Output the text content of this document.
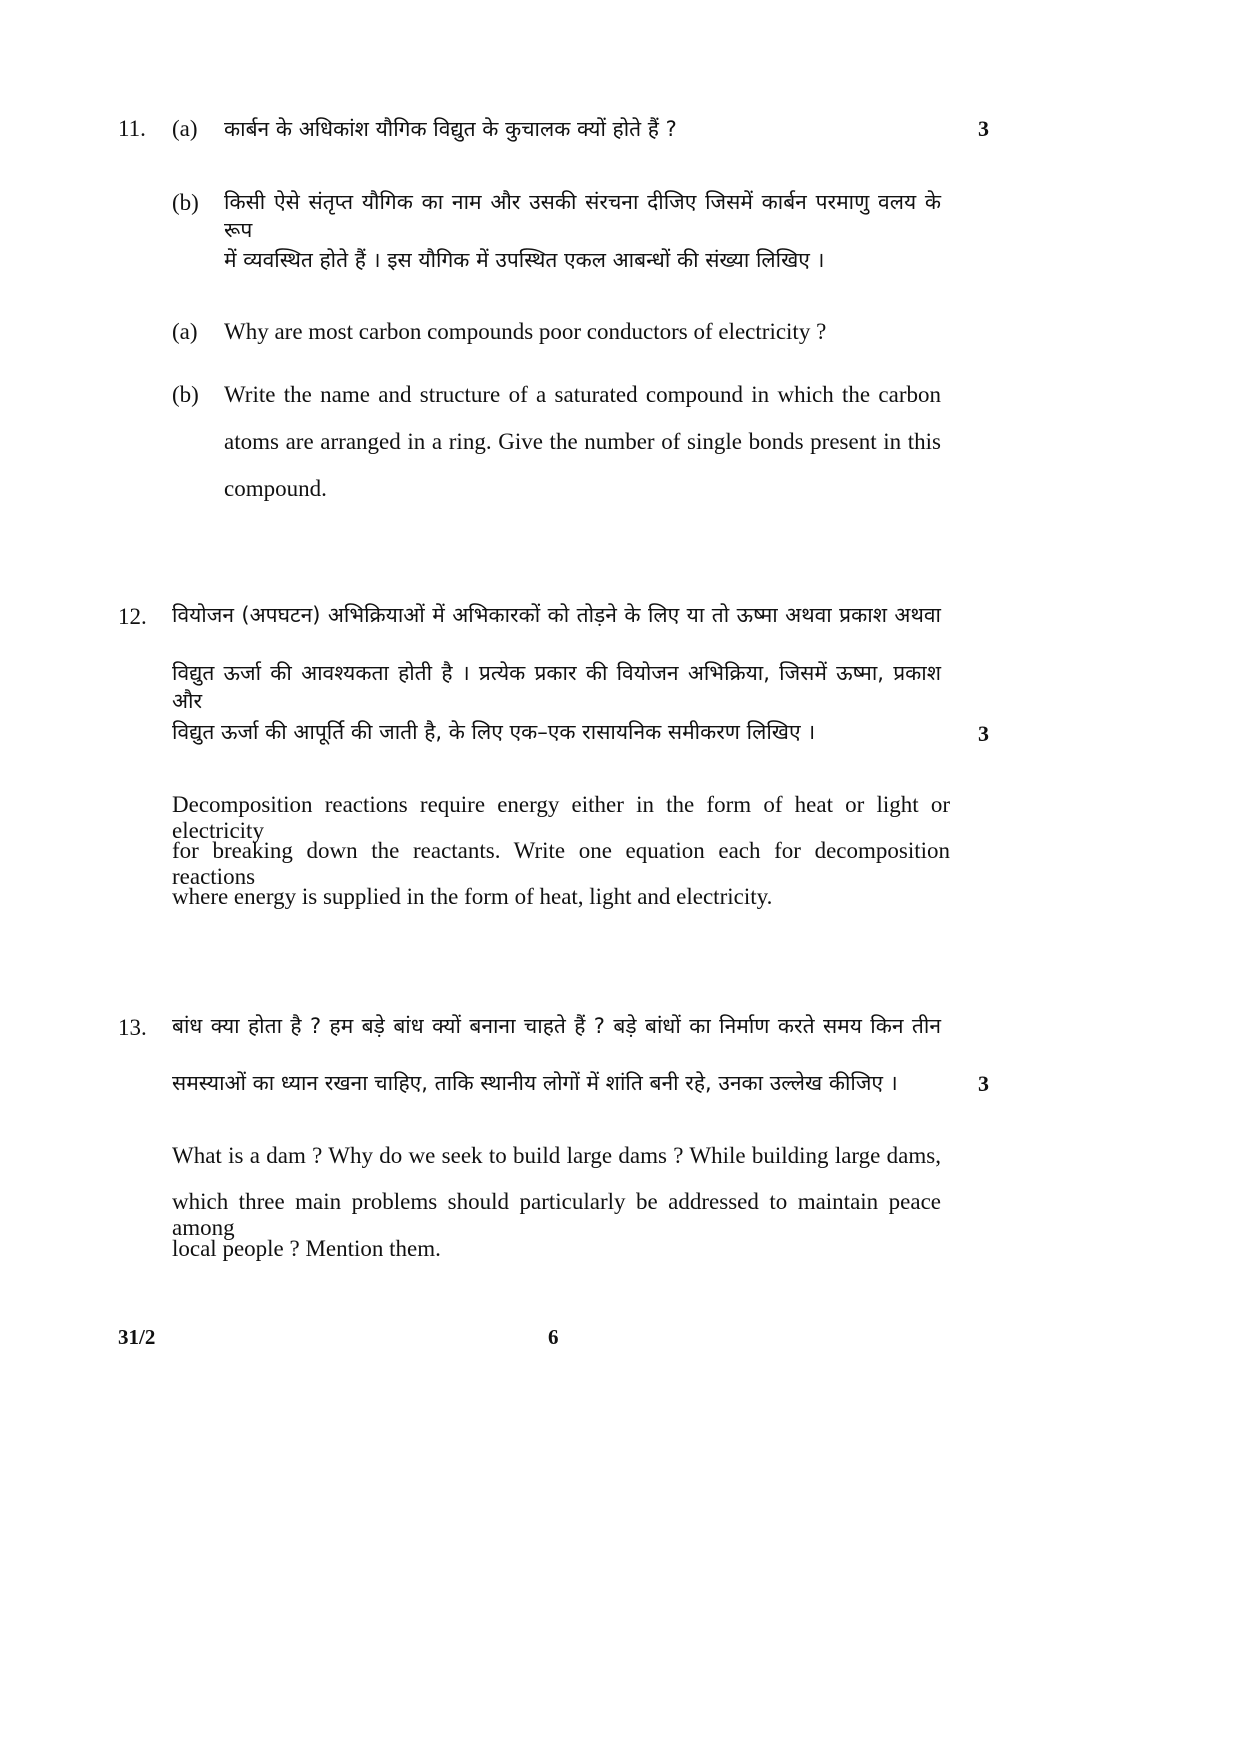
11. (a) कार्बन के अधिकांश यौगिक विद्युत के कुचालक क्यों होते हैं ?	3
(b) किसी ऐसे संतृप्त यौगिक का नाम और उसकी संरचना दीजिए जिसमें कार्बन परमाणु वलय के रूप
में व्यवस्थित होते हैं । इस यौगिक में उपस्थित एकल आबन्धों की संख्या लिखिए ।
(a) Why are most carbon compounds poor conductors of electricity ?
(b) Write the name and structure of a saturated compound in which the carbon
atoms are arranged in a ring. Give the number of single bonds present in this
compound.
12. वियोजन (अपघटन) अभिक्रियाओं में अभिकारकों को तोड़ने के लिए या तो ऊष्मा अथवा प्रकाश अथवा
विद्युत ऊर्जा की आवश्यकता होती है । प्रत्येक प्रकार की वियोजन अभिक्रिया, जिसमें ऊष्मा, प्रकाश और
विद्युत ऊर्जा की आपूर्ति की जाती है, के लिए एक–एक रासायनिक समीकरण लिखिए ।	3
Decomposition reactions require energy either in the form of heat or light or electricity
for breaking down the reactants. Write one equation each for decomposition reactions
where energy is supplied in the form of heat, light and electricity.
13. बांध क्या होता है ? हम बड़े बांध क्यों बनाना चाहते हैं ? बड़े बांधों का निर्माण करते समय किन तीन
समस्याओं का ध्यान रखना चाहिए, ताकि स्थानीय लोगों में शांति बनी रहे, उनका उल्लेख कीजिए ।	3
What is a dam ? Why do we seek to build large dams ? While building large dams,
which three main problems should particularly be addressed to maintain peace among
local people ? Mention them.
31/2	6
